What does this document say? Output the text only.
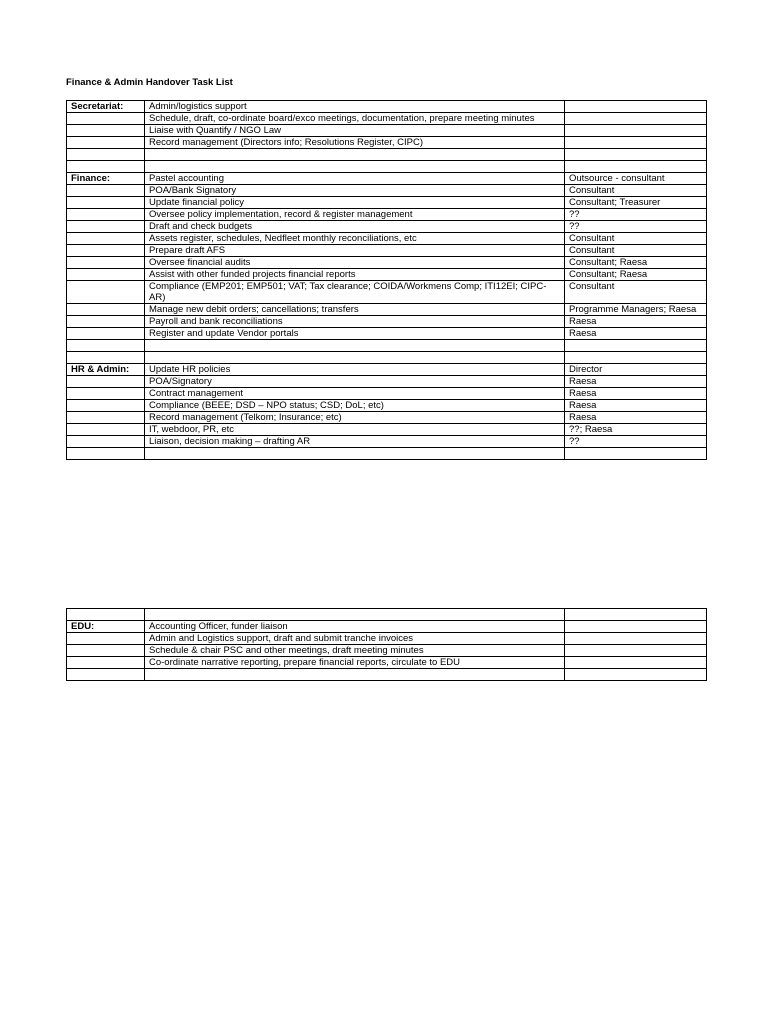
Finance & Admin Handover Task List
Secretariat:	Admin/logistics support	
	Schedule, draft, co-ordinate board/exco meetings, documentation, prepare meeting minutes	
	Liaise with Quantify / NGO Law	
	Record management (Directors info; Resolutions Register, CIPC)	

Finance:	Pastel accounting	Outsource - consultant
	POA/Bank Signatory	Consultant
	Update financial policy	Consultant; Treasurer
	Oversee policy implementation, record & register management	??
	Draft and check budgets	??
	Assets register, schedules, Nedfleet monthly reconciliations, etc	Consultant
	Prepare draft AFS	Consultant
	Oversee financial audits	Consultant; Raesa
	Assist with other funded projects financial reports	Consultant; Raesa
	Compliance (EMP201; EMP501; VAT; Tax clearance; COIDA/Workmens Comp; ITI12EI; CIPC- AR)	Consultant
	Manage new debit orders; cancellations; transfers	Programme Managers; Raesa
	Payroll and bank reconciliations	Raesa
	Register and update Vendor portals	Raesa

HR & Admin:	Update HR policies	Director
	POA/Signatory	Raesa
	Contract management	Raesa
	Compliance (BEEE; DSD – NPO status; CSD; DoL; etc)	Raesa
	Record management (Telkom; Insurance; etc)	Raesa
	IT, webdoor, PR, etc	??; Raesa
	Liaison, decision making – drafting AR	??

EDU:	Accounting Officer, funder liaison	
	Admin and Logistics support, draft and submit tranche invoices	
	Schedule & chair PSC and other meetings, draft meeting minutes	
	Co-ordinate narrative reporting, prepare financial reports, circulate to EDU	
